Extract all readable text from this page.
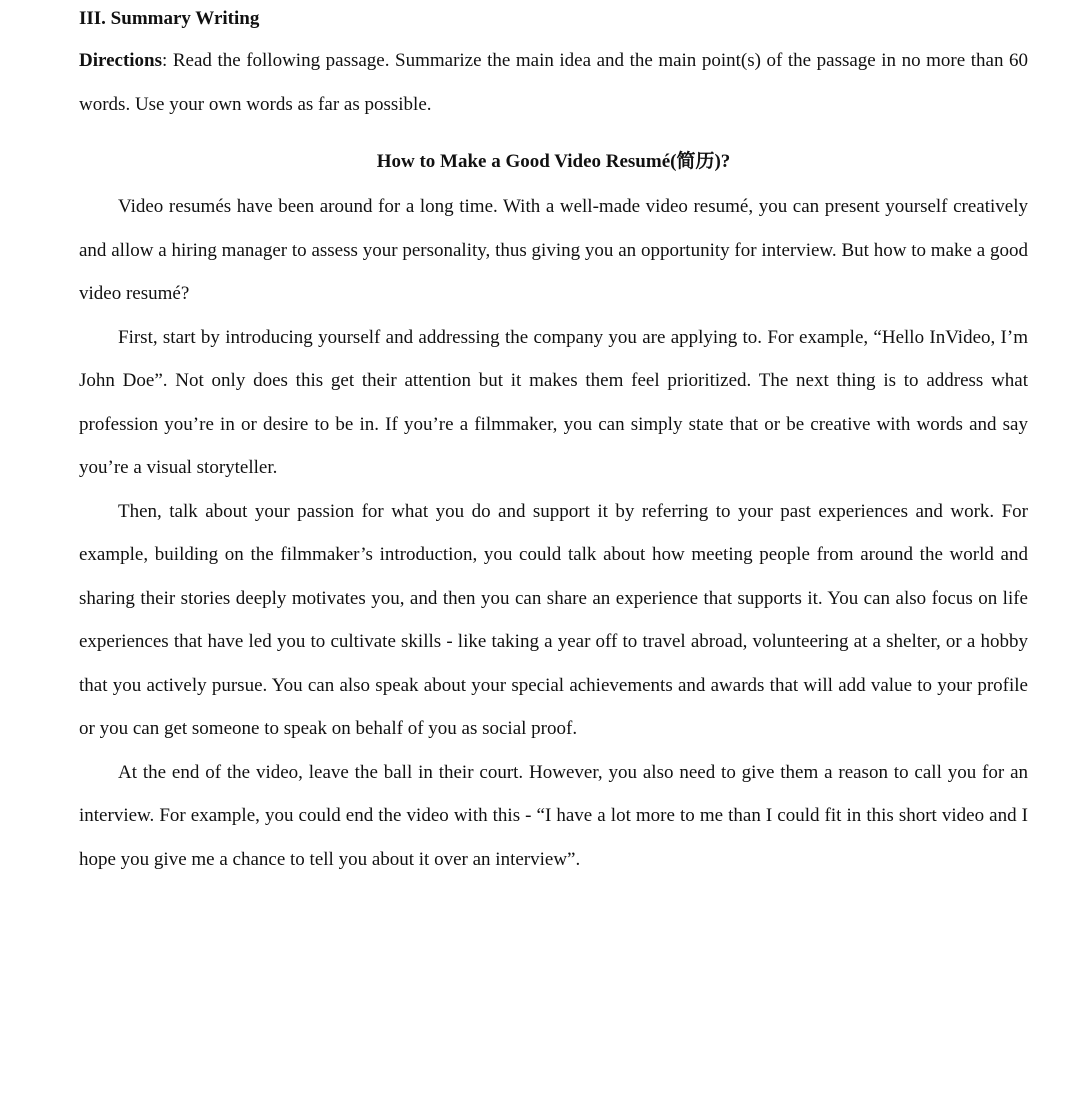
III. Summary Writing

Directions: Read the following passage. Summarize the main idea and the main point(s) of the passage in no more than 60 words. Use your own words as far as possible.

How to Make a Good Video Resumé(简历)?

Video resumés have been around for a long time. With a well-made video resumé, you can present yourself creatively and allow a hiring manager to assess your personality, thus giving you an opportunity for interview. But how to make a good video resumé?

First, start by introducing yourself and addressing the company you are applying to. For example, “Hello InVideo, I’m John Doe”. Not only does this get their attention but it makes them feel prioritized. The next thing is to address what profession you’re in or desire to be in. If you’re a filmmaker, you can simply state that or be creative with words and say you’re a visual storyteller.

Then, talk about your passion for what you do and support it by referring to your past experiences and work. For example, building on the filmmaker’s introduction, you could talk about how meeting people from around the world and sharing their stories deeply motivates you, and then you can share an experience that supports it. You can also focus on life experiences that have led you to cultivate skills - like taking a year off to travel abroad, volunteering at a shelter, or a hobby that you actively pursue. You can also speak about your special achievements and awards that will add value to your profile or you can get someone to speak on behalf of you as social proof.

At the end of the video, leave the ball in their court. However, you also need to give them a reason to call you for an interview. For example, you could end the video with this - “I have a lot more to me than I could fit in this short video and I hope you give me a chance to tell you about it over an interview”.
